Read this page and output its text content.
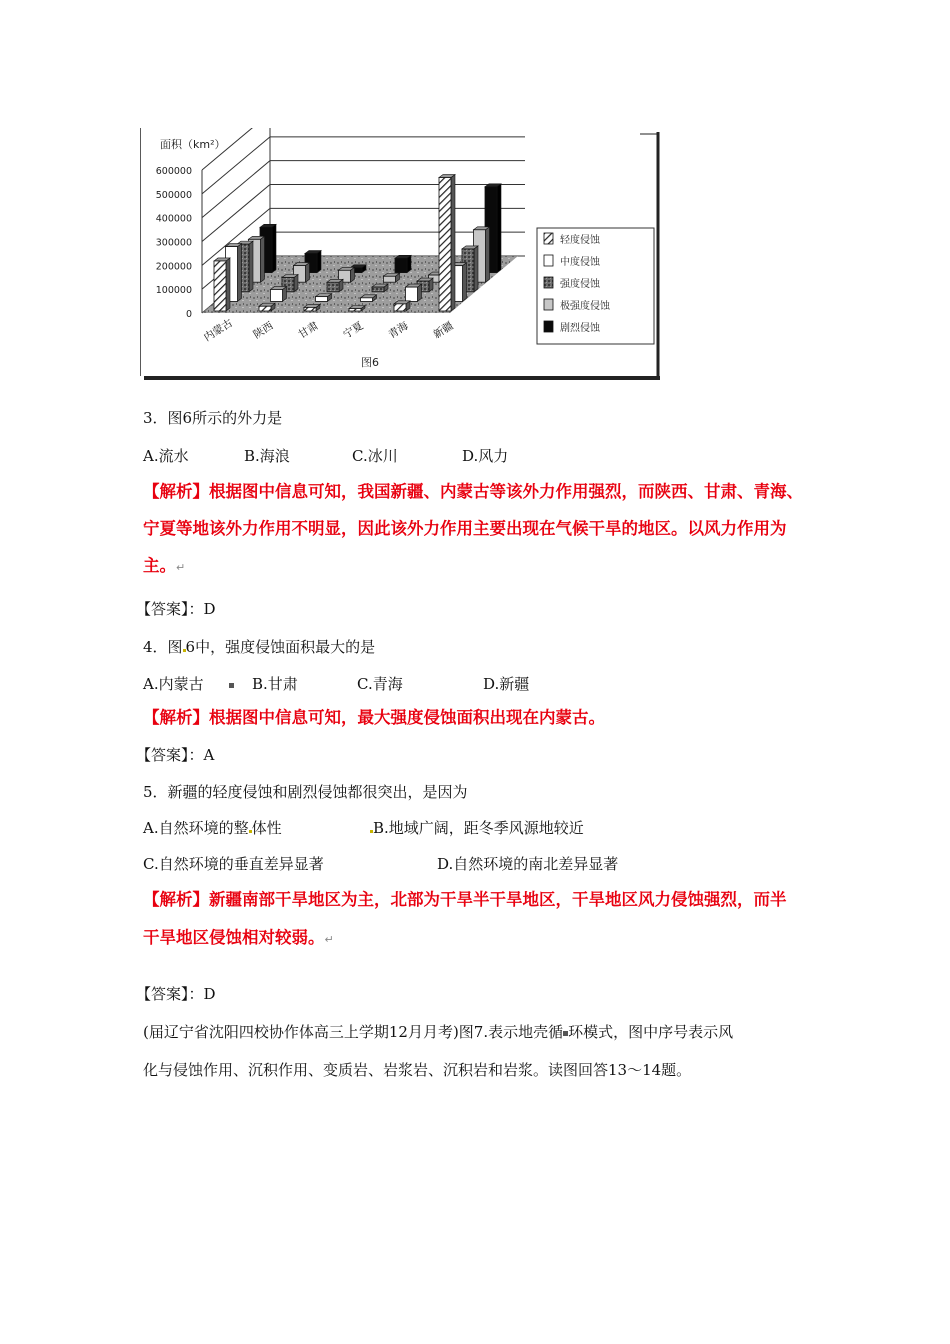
600000
500000
400000
300000
200000
100000
0
内蒙古 陕西 甘肃 宁夏 青海 新疆
面积（km²）
图6
轻度侵蚀
中度侵蚀
强度侵蚀
极强度侵蚀
剧烈侵蚀
3．图6所示的外力是
A.流水	B.海浪	C.冰川	D.风力
【解析】根据图中信息可知，我国新疆、内蒙古等该外力作用强烈，而陕西、甘肃、青海、
宁夏等地该外力作用不明显，因此该外力作用主要出现在气候干旱的地区。以风力作用为
主。↵
【答案】：D
4．图 6中，强度侵蚀面积最大的是
A.内蒙古	B.甘肃	C.青海	D.新疆
【解析】根据图中信息可知，最大强度侵蚀面积出现在内蒙古。
【答案】：A
5．新疆的轻度侵蚀和剧烈侵蚀都很突出，是因为
A.自然环境的整 体性	B.地域广阔，距冬季风源地较近
C.自然环境的垂直差异显著	D.自然环境的南北差异显著
【解析】新疆南部干旱地区为主，北部为干旱半干旱地区，干旱地区风力侵蚀强烈，而半
干旱地区侵蚀相对较弱。↵
【答案】：D
(届辽宁省沈阳四校协作体高三上学期12月月考)图7.表示地壳循 环模式，图中序号表示风
化与侵蚀作用、沉积作用、变质岩、岩浆岩、沉积岩和岩浆。读图回答13～14题。
